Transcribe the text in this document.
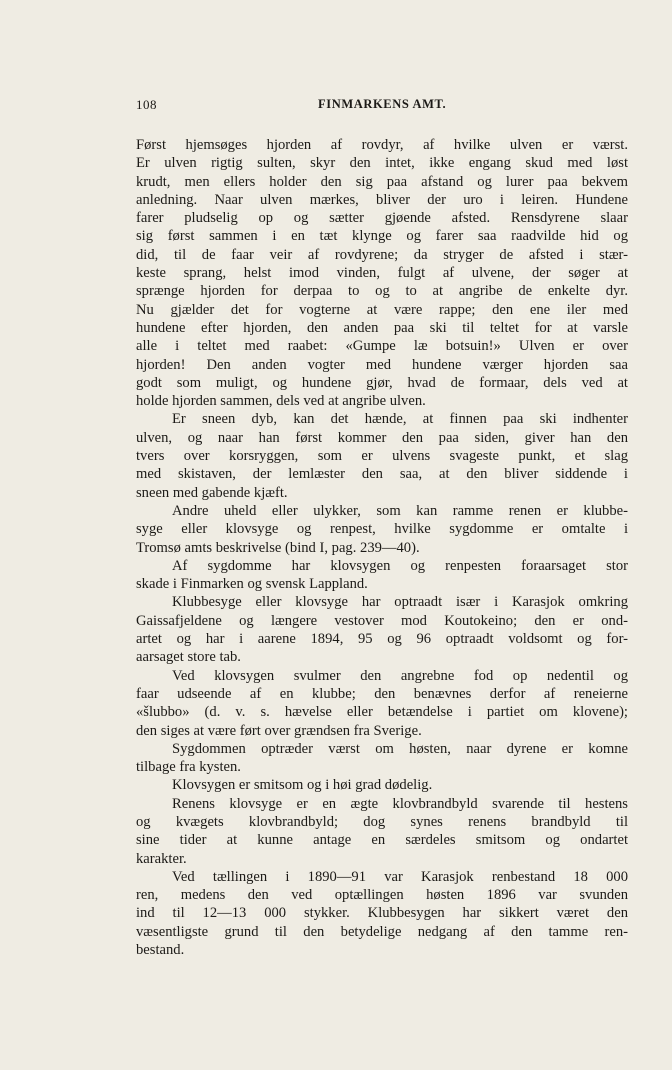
108	FINMARKENS AMT.
Først hjemsøges hjorden af rovdyr, af hvilke ulven er værst.
Er ulven rigtig sulten, skyr den intet, ikke engang skud med løst
krudt, men ellers holder den sig paa afstand og lurer paa bekvem
anledning. Naar ulven mærkes, bliver der uro i leiren. Hundene
farer pludselig op og sætter gjøende afsted. Rensdyrene slaar
sig først sammen i en tæt klynge og farer saa raadvilde hid og
did, til de faar veir af rovdyrene; da stryger de afsted i stær-
keste sprang, helst imod vinden, fulgt af ulvene, der søger at
sprænge hjorden for derpaa to og to at angribe de enkelte dyr.
Nu gjælder det for vogterne at være rappe; den ene iler med
hundene efter hjorden, den anden paa ski til teltet for at varsle
alle i teltet med raabet: «Gumpe læ botsuin!» Ulven er over
hjorden! Den anden vogter med hundene værger hjorden saa
godt som muligt, og hundene gjør, hvad de formaar, dels ved at
holde hjorden sammen, dels ved at angribe ulven.
Er sneen dyb, kan det hænde, at finnen paa ski indhenter
ulven, og naar han først kommer den paa siden, giver han den
tvers over korsryggen, som er ulvens svageste punkt, et slag
med skistaven, der lemlæster den saa, at den bliver siddende i
sneen med gabende kjæft.
Andre uheld eller ulykker, som kan ramme renen er klubbe-
syge eller klovsyge og renpest, hvilke sygdomme er omtalte i
Tromsø amts beskrivelse (bind I, pag. 239—40).
Af sygdomme har klovsygen og renpesten foraarsaget stor
skade i Finmarken og svensk Lappland.
Klubbesyge eller klovsyge har optraadt især i Karasjok omkring
Gaissafjeldene og længere vestover mod Koutokeino; den er ond-
artet og har i aarene 1894, 95 og 96 optraadt voldsomt og for-
aarsaget store tab.
Ved klovsygen svulmer den angrebne fod op nedentil og
faar udseende af en klubbe; den benævnes derfor af reneierne
«šlubbo» (d. v. s. hævelse eller betændelse i partiet om klovene);
den siges at være ført over grændsen fra Sverige.
Sygdommen optræder værst om høsten, naar dyrene er komne
tilbage fra kysten.
Klovsygen er smitsom og i høi grad dødelig.
Renens klovsyge er en ægte klovbrandbyld svarende til hestens
og kvægets klovbrandbyld; dog synes renens brandbyld til
sine tider at kunne antage en særdeles smitsom og ondartet
karakter.
Ved tællingen i 1890—91 var Karasjok renbestand 18 000
ren, medens den ved optællingen høsten 1896 var svunden
ind til 12—13 000 stykker. Klubbesygen har sikkert været den
væsentligste grund til den betydelige nedgang af den tamme ren-
bestand.
